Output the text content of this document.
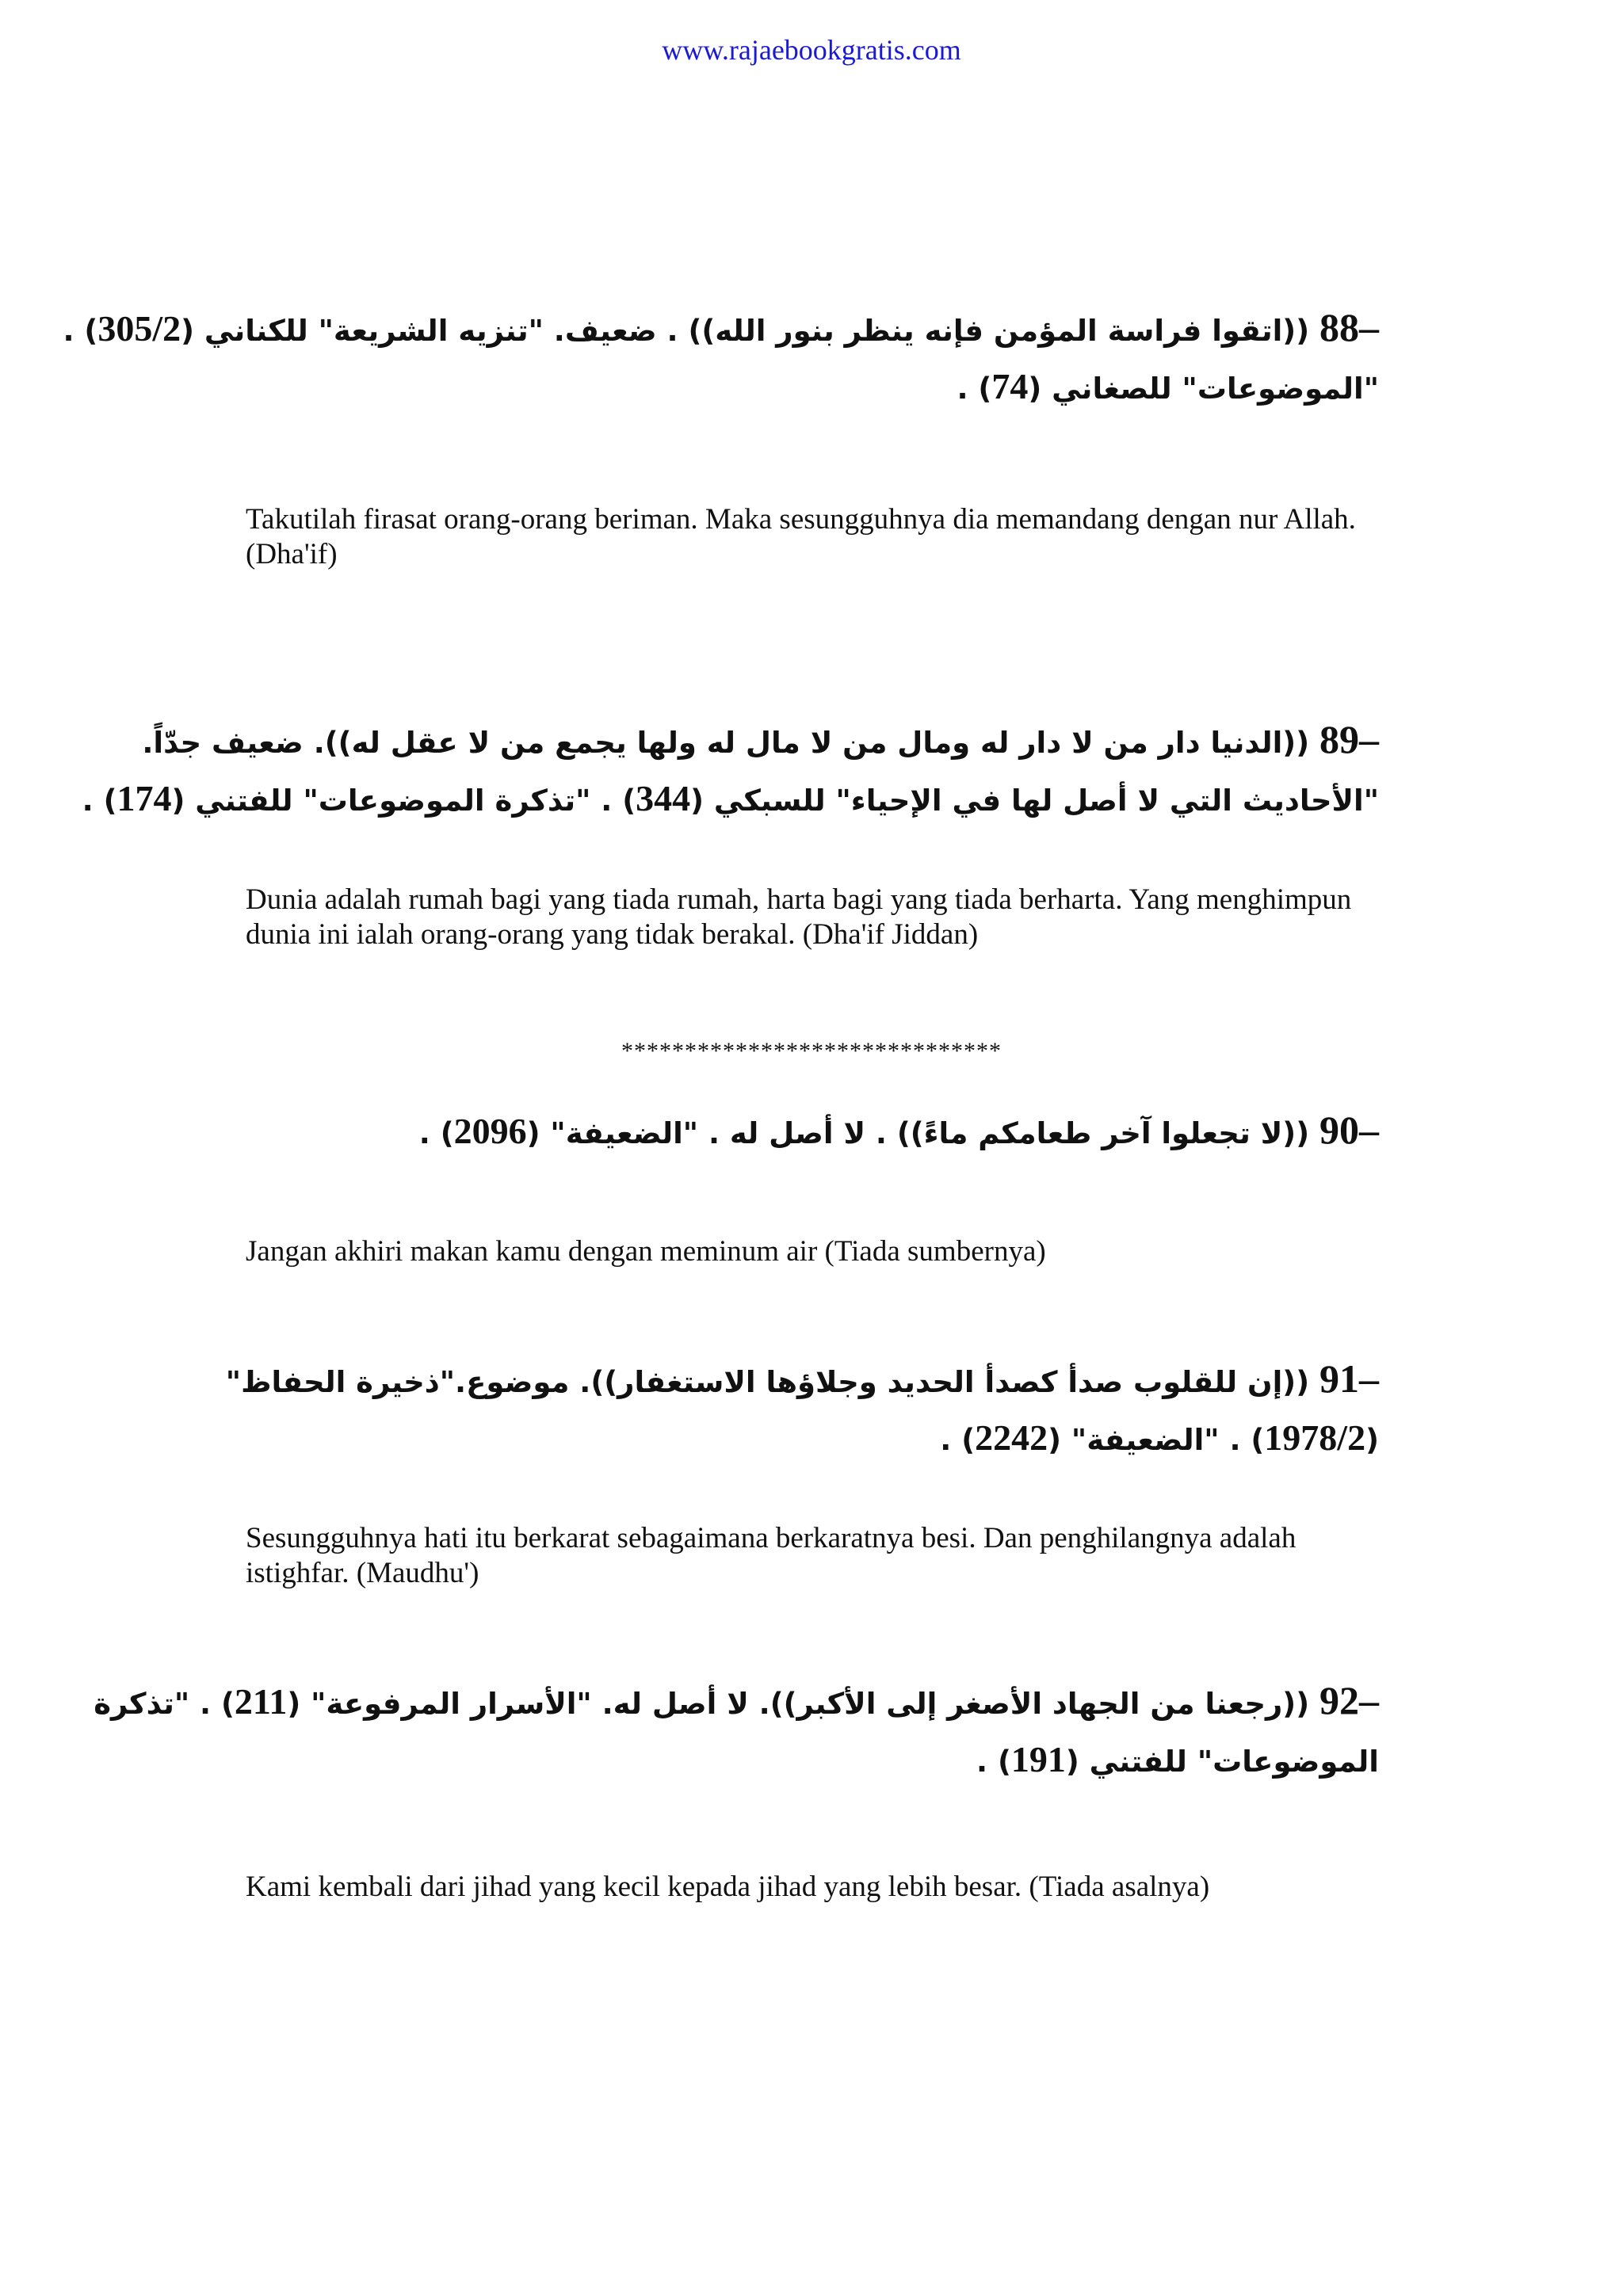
www.rajaebookgratis.com
88– ((اتقوا فراسة المؤمن فإنه ينظر بنور الله)) . ضعيف. "تنزيه الشريعة" للكناني (305/2) .
"الموضوعات" للصغاني (74) .
Takutilah firasat orang-orang beriman. Maka sesungguhnya dia memandang dengan nur Allah. (Dha'if)
89– ((الدنيا دار من لا دار له ومال من لا مال له ولها يجمع من لا عقل له)). ضعيف جدّاً.
"الأحاديث التي لا أصل لها في الإحياء" للسبكي (344) . "تذكرة الموضوعات" للفتني (174) .
Dunia adalah rumah bagi yang tiada rumah, harta bagi yang tiada berharta. Yang menghimpun dunia ini ialah orang-orang yang tidak berakal. (Dha'if Jiddan)
******************************
90– ((لا تجعلوا آخر طعامكم ماءً)) . لا أصل له . "الضعيفة" (2096) .
Jangan akhiri makan kamu dengan meminum air (Tiada sumbernya)
91– ((إن للقلوب صدأ كصدأ الحديد وجلاؤها الاستغفار)). موضوع."ذخيرة الحفاظ"
(1978/2) . "الضعيفة" (2242) .
Sesungguhnya hati itu berkarat sebagaimana berkaratnya besi. Dan penghilangnya adalah istighfar. (Maudhu')
92– ((رجعنا من الجهاد الأصغر إلى الأكبر)). لا أصل له. "الأسرار المرفوعة" (211) . "تذكرة
الموضوعات" للفتني (191) .
Kami kembali dari jihad yang kecil kepada jihad yang lebih besar. (Tiada asalnya)
